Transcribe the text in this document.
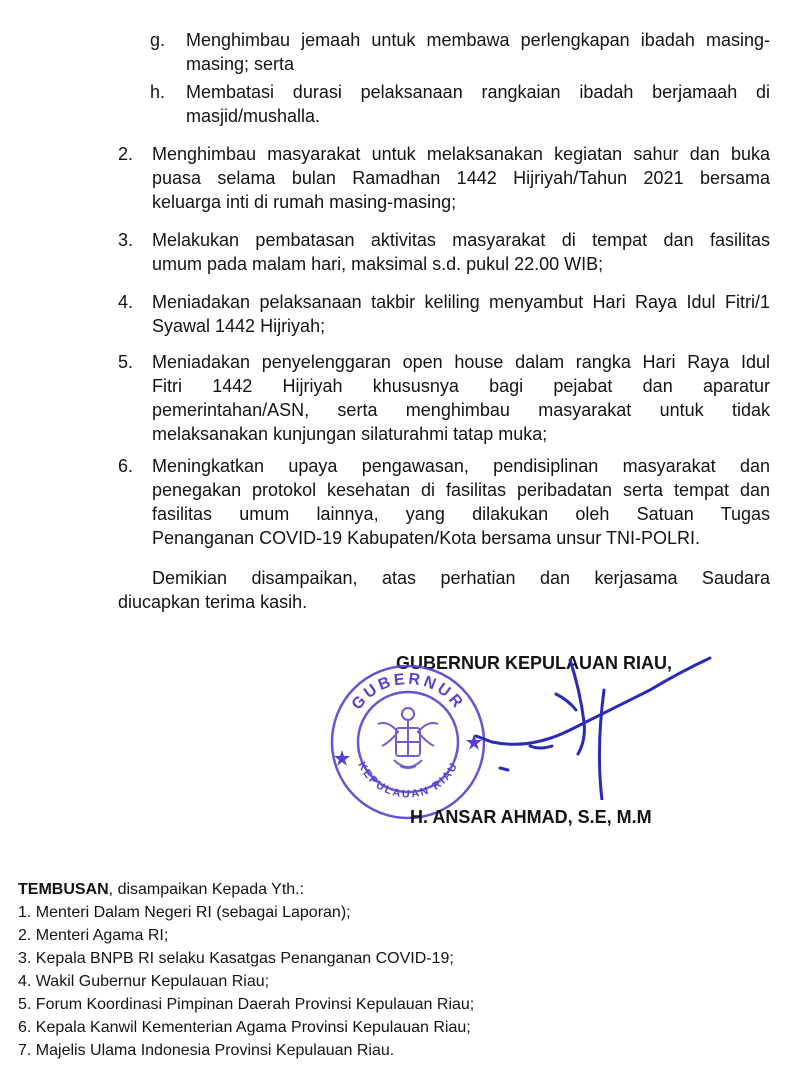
g. Menghimbau jemaah untuk membawa perlengkapan ibadah masing-
masing; serta
h. Membatasi durasi pelaksanaan rangkaian ibadah berjamaah di
masjid/mushalla.
2. Menghimbau masyarakat untuk melaksanakan kegiatan sahur dan buka
puasa selama bulan Ramadhan 1442 Hijriyah/Tahun 2021 bersama
keluarga inti di rumah masing-masing;
3. Melakukan pembatasan aktivitas masyarakat di tempat dan fasilitas
umum pada malam hari, maksimal s.d. pukul 22.00 WIB;
4. Meniadakan pelaksanaan takbir keliling menyambut Hari Raya Idul Fitri/1
Syawal 1442 Hijriyah;
5. Meniadakan penyelenggaran open house dalam rangka Hari Raya Idul
Fitri 1442 Hijriyah khususnya bagi pejabat dan aparatur
pemerintahan/ASN, serta menghimbau masyarakat untuk tidak
melaksanakan kunjungan silaturahmi tatap muka;
6. Meningkatkan upaya pengawasan, pendisiplinan masyarakat dan
penegakan protokol kesehatan di fasilitas peribadatan serta tempat dan
fasilitas umum lainnya, yang dilakukan oleh Satuan Tugas
Penanganan COVID-19 Kabupaten/Kota bersama unsur TNI-POLRI.
Demikian disampaikan, atas perhatian dan kerjasama Saudara
diucapkan terima kasih.
GUBERNUR KEPULAUAN RIAU,
GUBERNUR
KEPULAUAN RIAU
H. ANSAR AHMAD, S.E, M.M
TEMBUSAN, disampaikan Kepada Yth.:
1. Menteri Dalam Negeri RI (sebagai Laporan);
2. Menteri Agama RI;
3. Kepala BNPB RI selaku Kasatgas Penanganan COVID-19;
4. Wakil Gubernur Kepulauan Riau;
5. Forum Koordinasi Pimpinan Daerah Provinsi Kepulauan Riau;
6. Kepala Kanwil Kementerian Agama Provinsi Kepulauan Riau;
7. Majelis Ulama Indonesia Provinsi Kepulauan Riau.
